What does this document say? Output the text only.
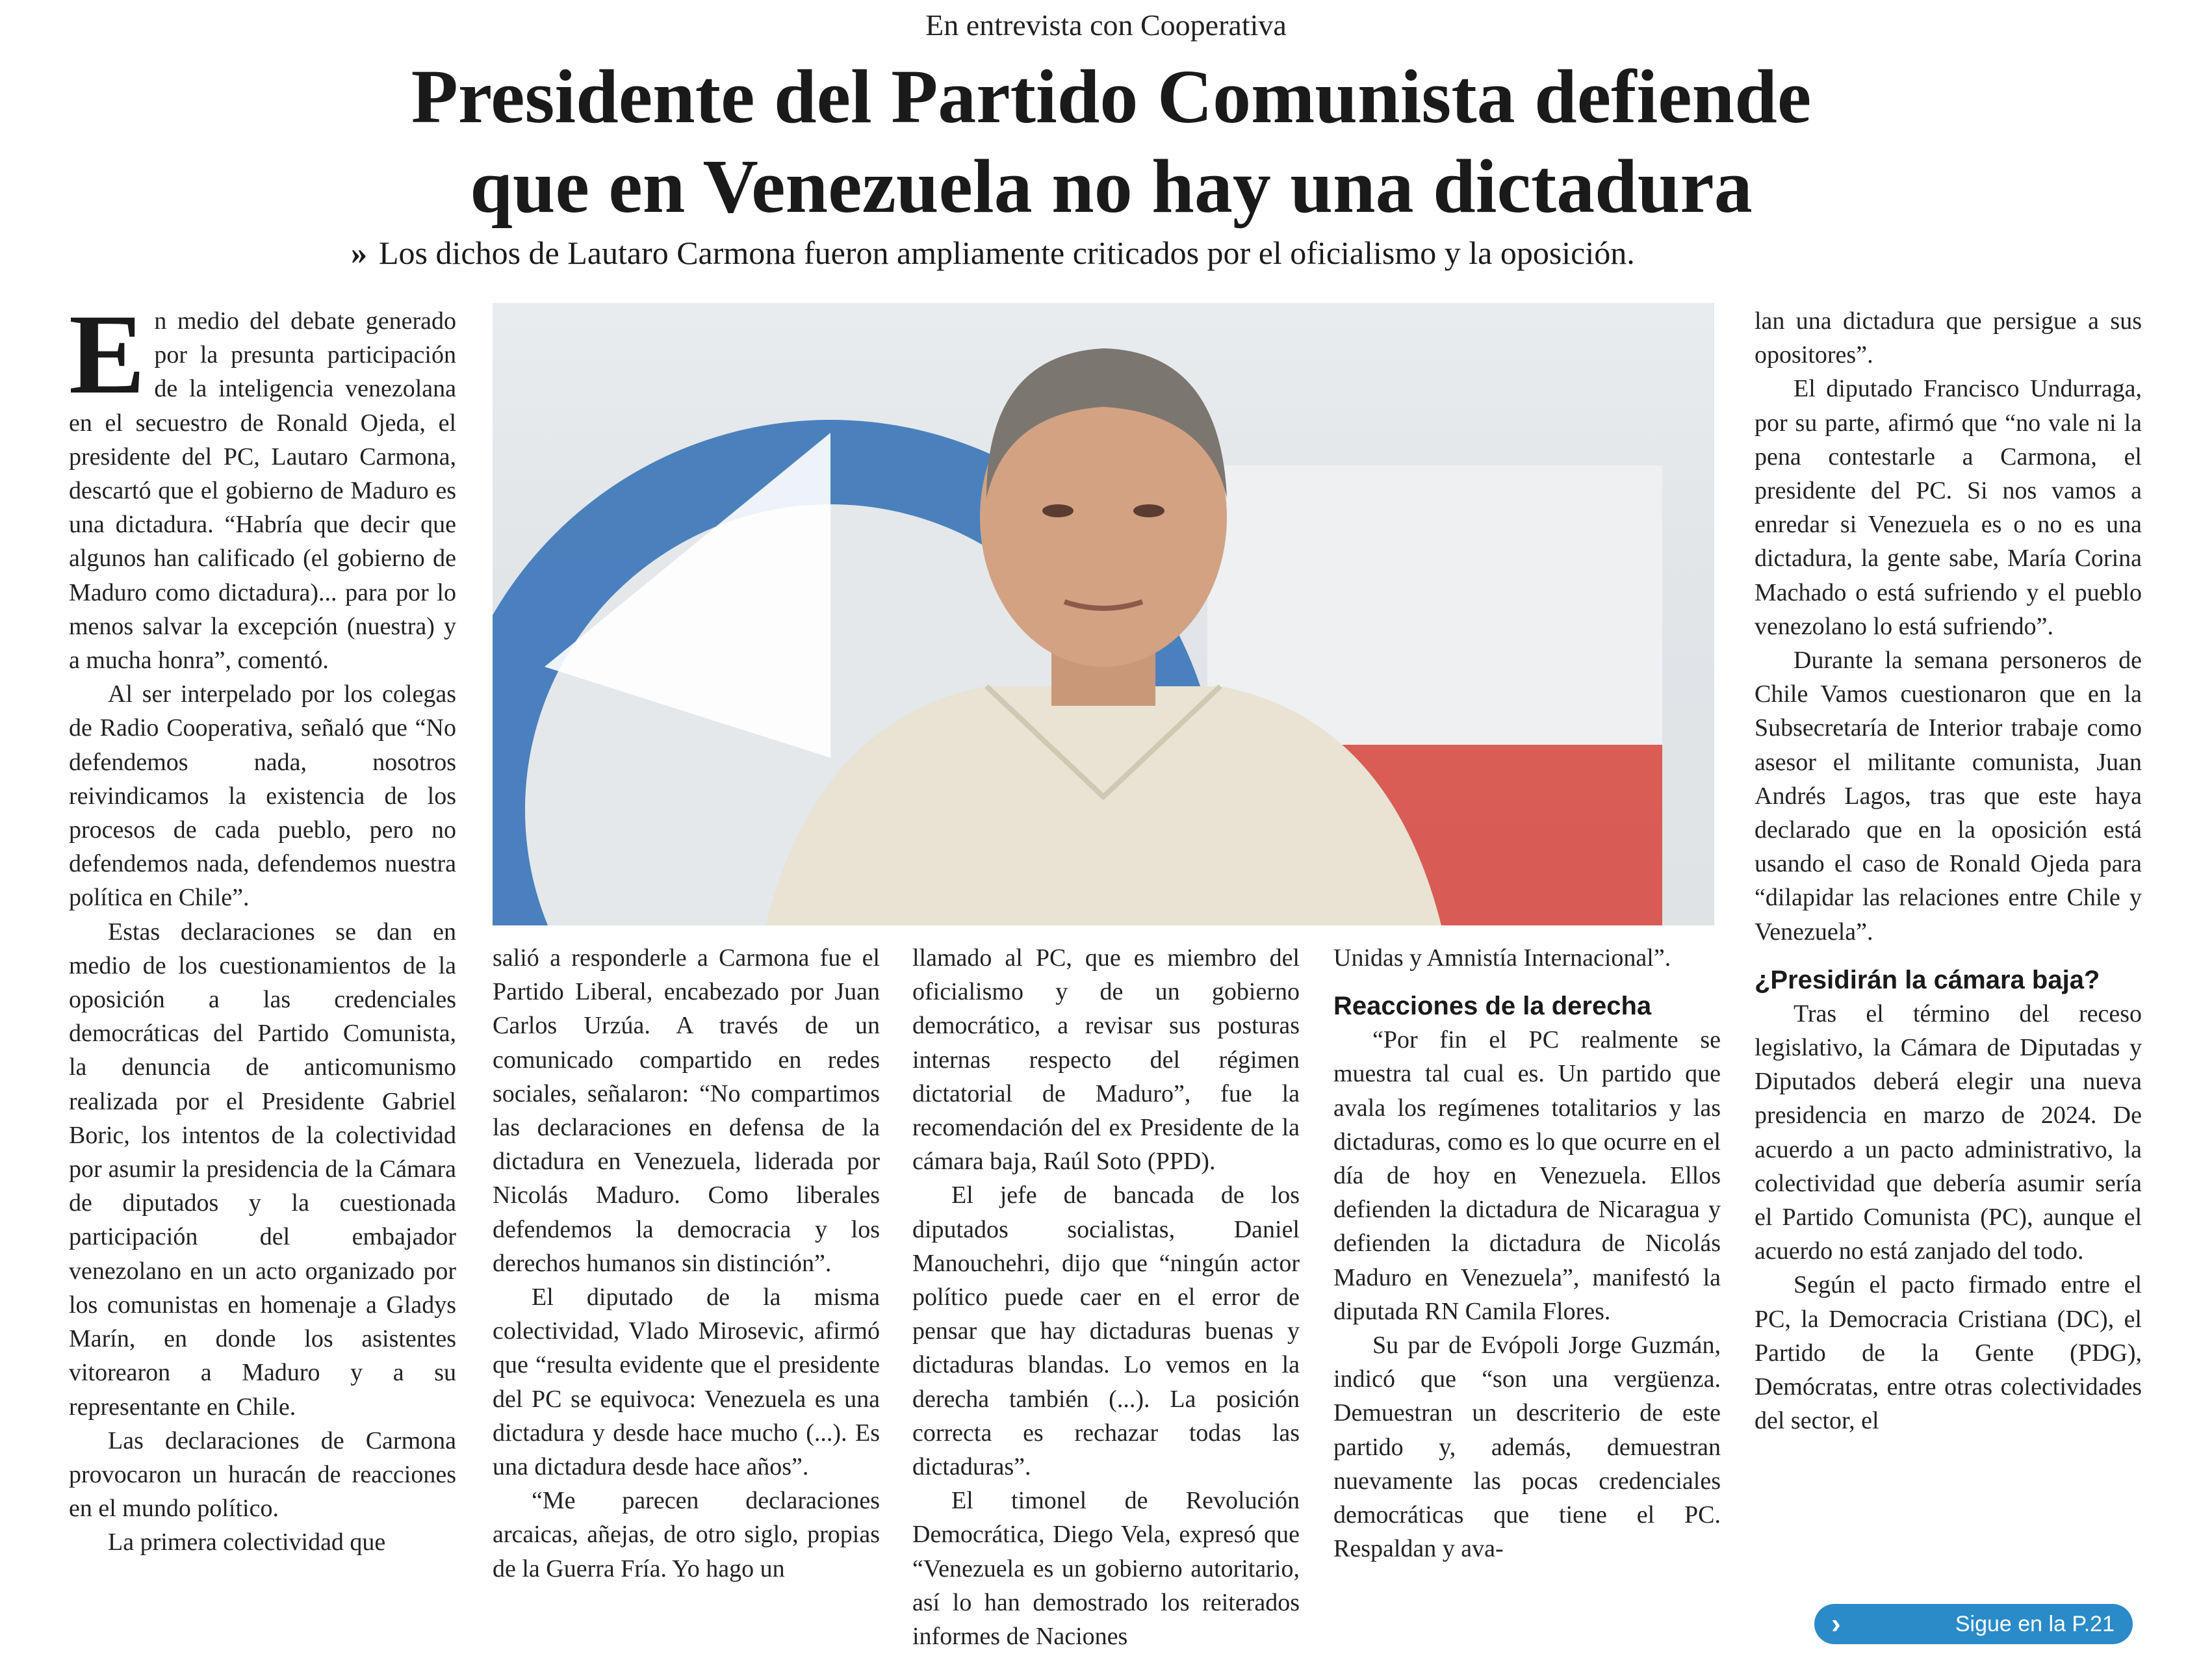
En entrevista con Cooperativa
Presidente del Partido Comunista defiende
que en Venezuela no hay una dictadura
» Los dichos de Lautaro Carmona fueron ampliamente criticados por el oficialismo y la oposición.

En medio del debate generado por la presunta participación de la inteligencia venezolana en el secuestro de Ronald Ojeda, el presidente del PC, Lautaro Carmona, descartó que el gobierno de Maduro es una dictadura. “Habría que decir que algunos han calificado (el gobierno de Maduro como dictadura)... para por lo menos salvar la excepción (nuestra) y a mucha honra”, comentó.

Al ser interpelado por los colegas de Radio Cooperativa, señaló que “No defendemos nada, nosotros reivindicamos la existencia de los procesos de cada pueblo, pero no defendemos nada, defendemos nuestra política en Chile”.

Estas declaraciones se dan en medio de los cuestionamientos de la oposición a las credenciales democráticas del Partido Comunista, la denuncia de anticomunismo realizada por el Presidente Gabriel Boric, los intentos de la colectividad por asumir la presidencia de la Cámara de diputados y la cuestionada participación del embajador venezolano en un acto organizado por los comunistas en homenaje a Gladys Marín, en donde los asistentes vitorearon a Maduro y a su representante en Chile.

Las declaraciones de Carmona provocaron un huracán de reacciones en el mundo político.

La primera colectividad que

salió a responderle a Carmona fue el Partido Liberal, encabezado por Juan Carlos Urzúa. A través de un comunicado compartido en redes sociales, señalaron: “No compartimos las declaraciones en defensa de la dictadura en Venezuela, liderada por Nicolás Maduro. Como liberales defendemos la democracia y los derechos humanos sin distinción”.

El diputado de la misma colectividad, Vlado Mirosevic, afirmó que “resulta evidente que el presidente del PC se equivoca: Venezuela es una dictadura y desde hace mucho (...). Es una dictadura desde hace años”.

“Me parecen declaraciones arcaicas, añejas, de otro siglo, propias de la Guerra Fría. Yo hago un

llamado al PC, que es miembro del oficialismo y de un gobierno democrático, a revisar sus posturas internas respecto del régimen dictatorial de Maduro”, fue la recomendación del ex Presidente de la cámara baja, Raúl Soto (PPD).

El jefe de bancada de los diputados socialistas, Daniel Manouchehri, dijo que “ningún actor político puede caer en el error de pensar que hay dictaduras buenas y dictaduras blandas. Lo vemos en la derecha también (...). La posición correcta es rechazar todas las dictaduras”.

El timonel de Revolución Democrática, Diego Vela, expresó que “Venezuela es un gobierno autoritario, así lo han demostrado los reiterados informes de Naciones

Unidas y Amnistía Internacional”.

Reacciones de la derecha

“Por fin el PC realmente se muestra tal cual es. Un partido que avala los regímenes totalitarios y las dictaduras, como es lo que ocurre en el día de hoy en Venezuela. Ellos defienden la dictadura de Nicaragua y defienden la dictadura de Nicolás Maduro en Venezuela”, manifestó la diputada RN Camila Flores.

Su par de Evópoli Jorge Guzmán, indicó que “son una vergüenza. Demuestran un descriterio de este partido y, además, demuestran nuevamente las pocas credenciales democráticas que tiene el PC. Respaldan y ava-

lan una dictadura que persigue a sus opositores”.

El diputado Francisco Undurraga, por su parte, afirmó que “no vale ni la pena contestarle a Carmona, el presidente del PC. Si nos vamos a enredar si Venezuela es o no es una dictadura, la gente sabe, María Corina Machado o está sufriendo y el pueblo venezolano lo está sufriendo”.

Durante la semana personeros de Chile Vamos cuestionaron que en la Subsecretaría de Interior trabaje como asesor el militante comunista, Juan Andrés Lagos, tras que este haya declarado que en la oposición está usando el caso de Ronald Ojeda para “dilapidar las relaciones entre Chile y Venezuela”.

¿Presidirán la cámara baja?

Tras el término del receso legislativo, la Cámara de Diputadas y Diputados deberá elegir una nueva presidencia en marzo de 2024. De acuerdo a un pacto administrativo, la colectividad que debería asumir sería el Partido Comunista (PC), aunque el acuerdo no está zanjado del todo.

Según el pacto firmado entre el PC, la Democracia Cristiana (DC), el Partido de la Gente (PDG), Demócratas, entre otras colectividades del sector, el

›	Sigue en la P.21
